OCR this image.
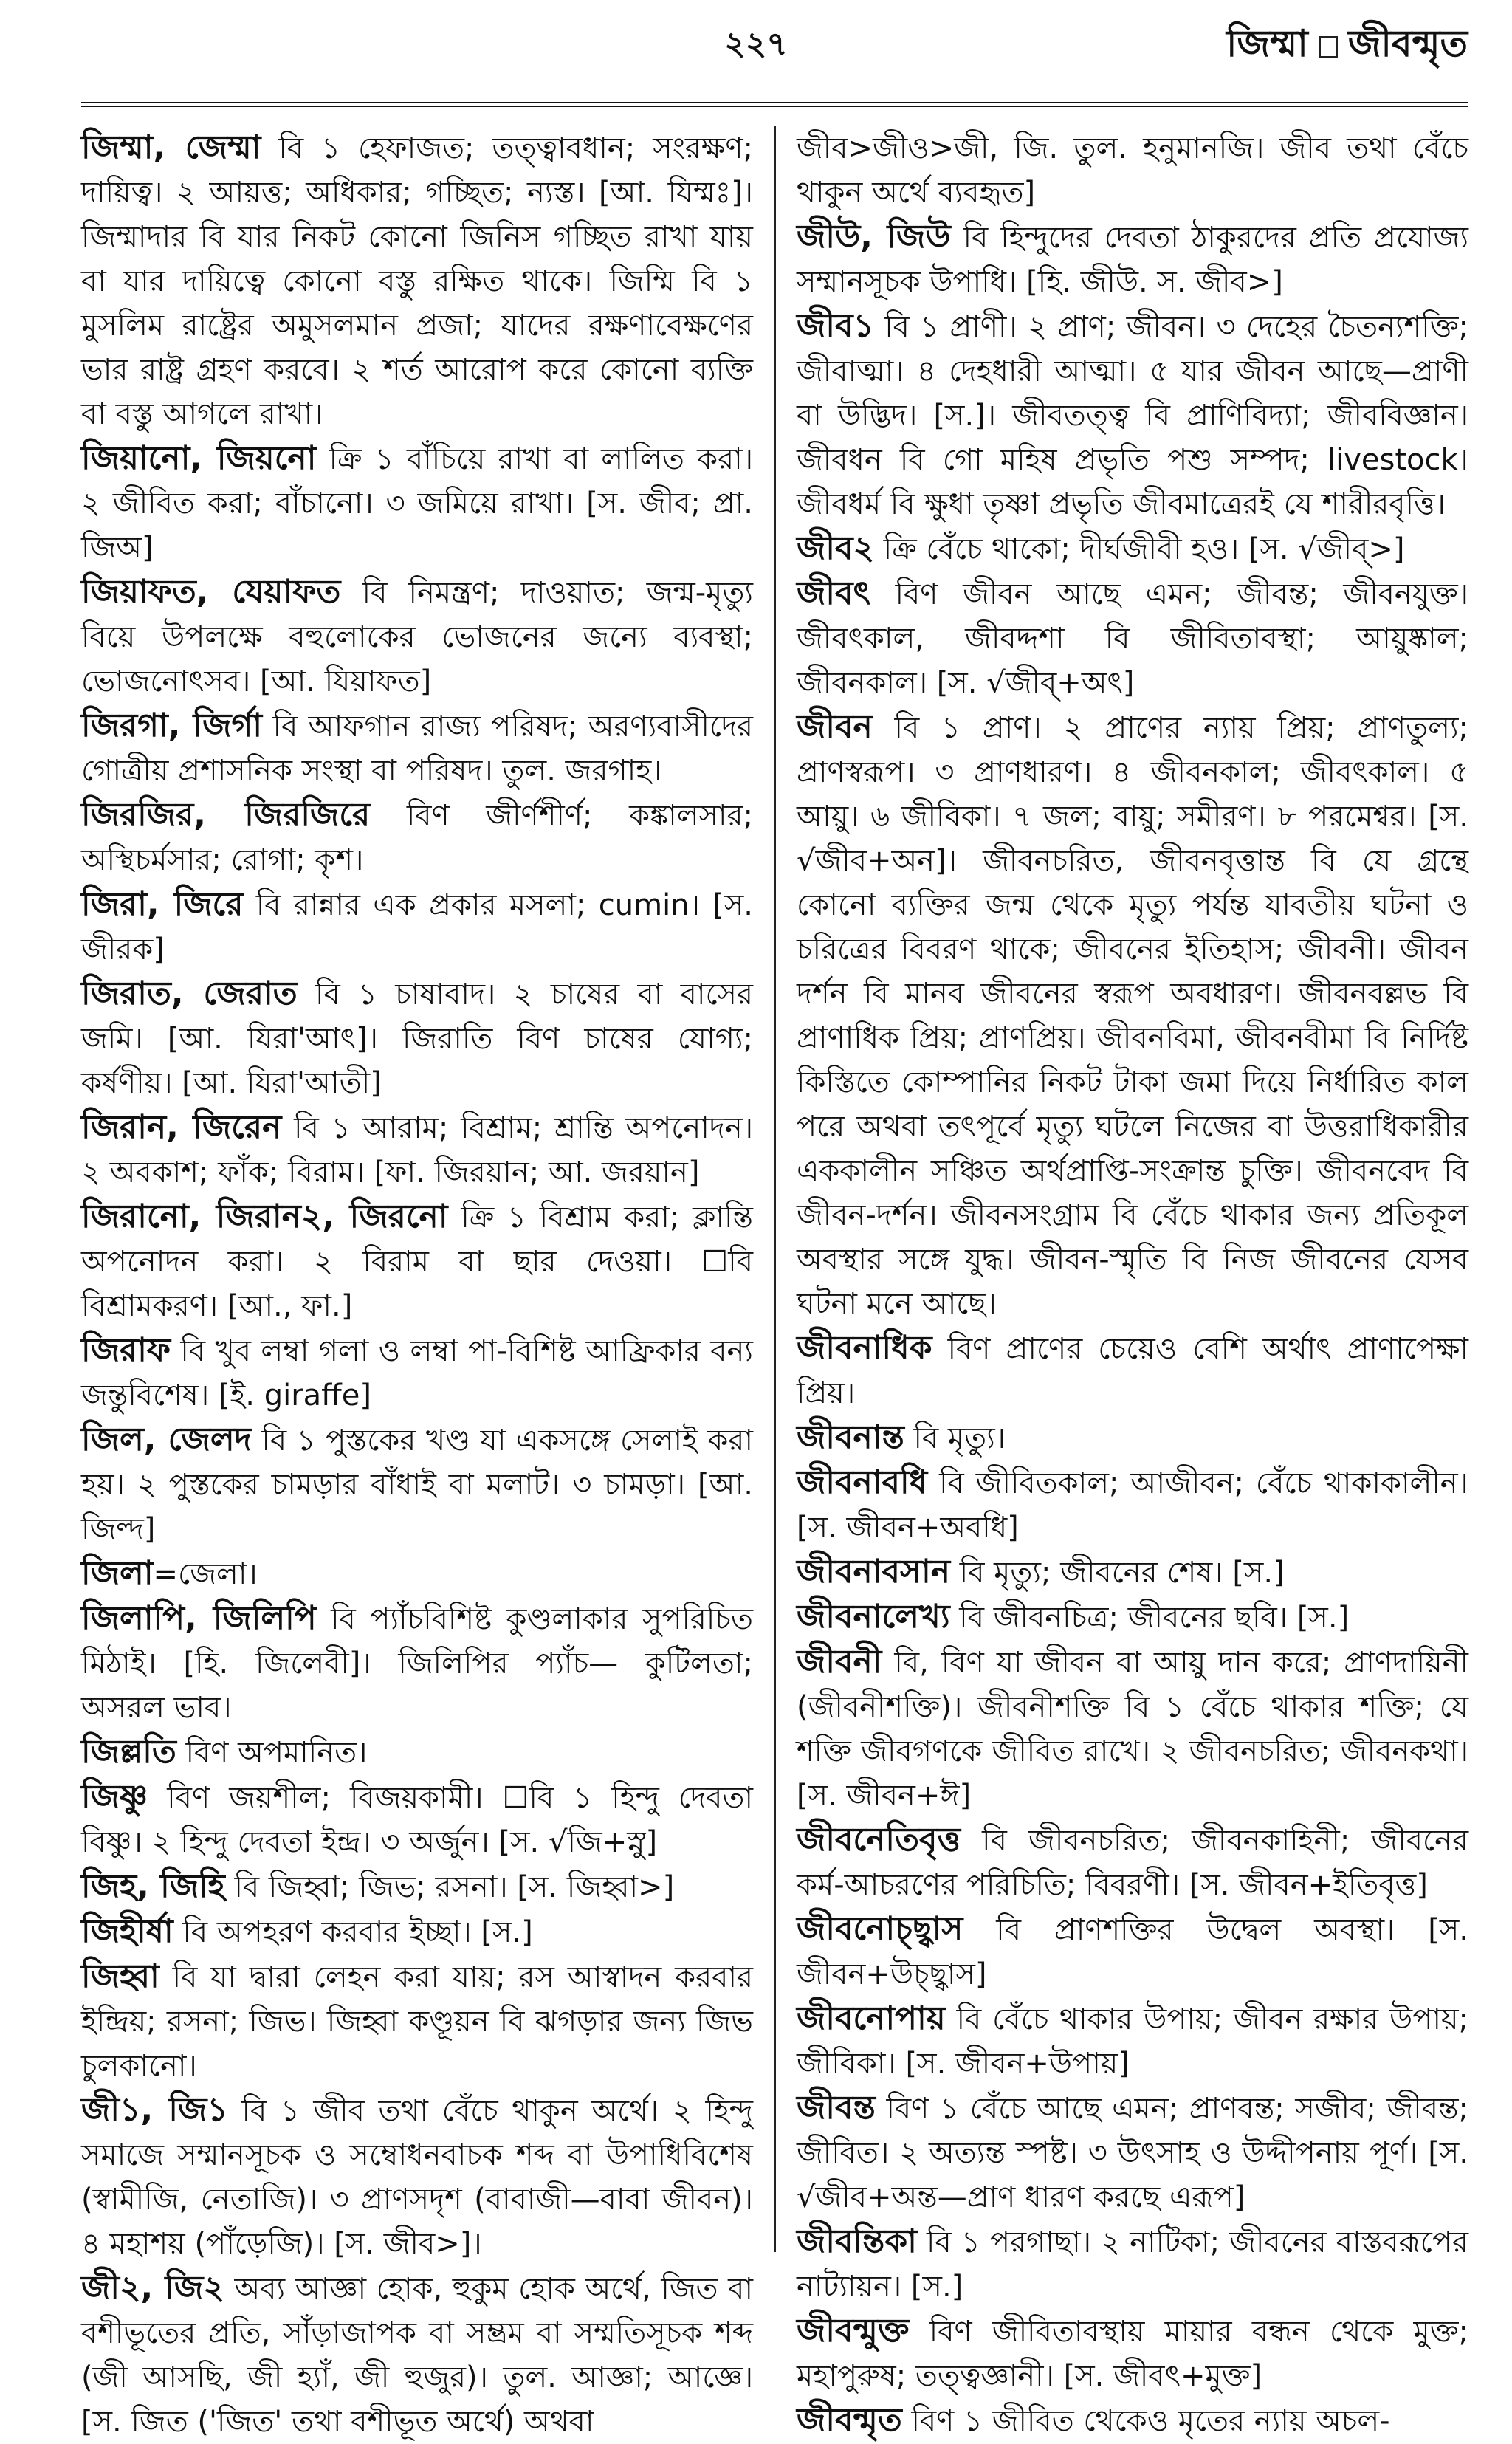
২২৭	জিম্মা জীবন্মৃত

জিম্মা, জেম্মা বি ১ হেফাজত; তত্ত্বাবধান; সংরক্ষণ; দায়িত্ব। ২ আয়ত্ত; অধিকার; গচ্ছিত; ন্যস্ত। [আ. যিম্মঃ]। জিম্মাদার বি যার নিকট কোনো জিনিস গচ্ছিত রাখা যায় বা যার দায়িত্বে কোনো বস্তু রক্ষিত থাকে। জিম্মি বি ১ মুসলিম রাষ্ট্রের অমুসলমান প্রজা; যাদের রক্ষণাবেক্ষণের ভার রাষ্ট্র গ্রহণ করবে। ২ শর্ত আরোপ করে কোনো ব্যক্তি বা বস্তু আগলে রাখা।

জিয়ানো, জিয়নো ক্রি ১ বাঁচিয়ে রাখা বা লালিত করা। ২ জীবিত করা; বাঁচানো। ৩ জমিয়ে রাখা। [স. জীব; প্রা. জিঅ]

জিয়াফত, যেয়াফত বি নিমন্ত্রণ; দাওয়াত; জন্ম-মৃত্যু বিয়ে উপলক্ষে বহুলোকের ভোজনের জন্যে ব্যবস্থা; ভোজনোৎসব। [আ. যিয়াফত]

জিরগা, জির্গা বি আফগান রাজ্য পরিষদ; অরণ্যবাসীদের গোত্রীয় প্রশাসনিক সংস্থা বা পরিষদ। তুল. জরগাহ।

জিরজির, জিরজিরে বিণ জীর্ণশীর্ণ; কঙ্কালসার; অস্থিচর্মসার; রোগা; কৃশ।

জিরা, জিরে বি রান্নার এক প্রকার মসলা; cumin। [স. জীরক]

জিরাত, জেরাত বি ১ চাষাবাদ। ২ চাষের বা বাসের জমি। [আ. যিরা'আৎ]। জিরাতি বিণ চাষের যোগ্য; কর্ষণীয়। [আ. যিরা'আতী]

জিরান, জিরেন বি ১ আরাম; বিশ্রাম; শ্রান্তি অপনোদন। ২ অবকাশ; ফাঁক; বিরাম। [ফা. জিরয়ান; আ. জরয়ান]

জিরানো, জিরান২, জিরনো ক্রি ১ বিশ্রাম করা; ক্লান্তি অপনোদন করা। ২ বিরাম বা ছার দেওয়া। ☐বি বিশ্রামকরণ। [আ., ফা.]

জিরাফ বি খুব লম্বা গলা ও লম্বা পা-বিশিষ্ট আফ্রিকার বন্য জন্তুবিশেষ। [ই. giraffe]

জিল, জেলদ বি ১ পুস্তকের খণ্ড যা একসঙ্গে সেলাই করা হয়। ২ পুস্তকের চামড়ার বাঁধাই বা মলাট। ৩ চামড়া। [আ. জিল্দ]

জিলা=জেলা।

জিলাপি, জিলিপি বি প্যাঁচবিশিষ্ট কুণ্ডলাকার সুপরিচিত মিঠাই। [হি. জিলেবী]। জিলিপির প্যাঁচ— কুটিলতা; অসরল ভাব।

জিল্লতি বিণ অপমানিত।

জিষ্ণু বিণ জয়শীল; বিজয়কামী। ☐বি ১ হিন্দু দেবতা বিষ্ণু। ২ হিন্দু দেবতা ইন্দ্র। ৩ অর্জুন। [স. √জি+স্নু]

জিহ, জিহি বি জিহ্বা; জিভ; রসনা। [স. জিহ্বা>]

জিহীর্ষা বি অপহরণ করবার ইচ্ছা। [স.]

জিহ্বা বি যা দ্বারা লেহন করা যায়; রস আস্বাদন করবার ইন্দ্রিয়; রসনা; জিভ। জিহ্বা কণ্ডূয়ন বি ঝগড়ার জন্য জিভ চুলকানো।

জী১, জি১ বি ১ জীব তথা বেঁচে থাকুন অর্থে। ২ হিন্দু সমাজে সম্মানসূচক ও সম্বোধনবাচক শব্দ বা উপাধিবিশেষ (স্বামীজি, নেতাজি)। ৩ প্রাণসদৃশ (বাবাজী—বাবা জীবন)। ৪ মহাশয় (পাঁড়েজি)। [স. জীব>]।

জী২, জি২ অব্য আজ্ঞা হোক, হুকুম হোক অর্থে, জিত বা বশীভূতের প্রতি, সাঁড়াজাপক বা সম্ভ্রম বা সম্মতিসূচক শব্দ (জী আসছি, জী হ্যাঁ, জী হুজুর)। তুল. আজ্ঞা; আজ্ঞে। [স. জিত ('জিত' তথা বশীভূত অর্থে) অথবা

জীব>জীও>জী, জি. তুল. হনুমানজি। জীব তথা বেঁচে থাকুন অর্থে ব্যবহৃত]

জীউ, জিউ বি হিন্দুদের দেবতা ঠাকুরদের প্রতি প্রযোজ্য সম্মানসূচক উপাধি। [হি. জীউ. স. জীব>]

জীব১ বি ১ প্রাণী। ২ প্রাণ; জীবন। ৩ দেহের চৈতন্যশক্তি; জীবাত্মা। ৪ দেহধারী আত্মা। ৫ যার জীবন আছে—প্রাণী বা উদ্ভিদ। [স.]। জীবতত্ত্ব বি প্রাণিবিদ্যা; জীববিজ্ঞান। জীবধন বি গো মহিষ প্রভৃতি পশু সম্পদ; livestock। জীবধর্ম বি ক্ষুধা তৃষ্ণা প্রভৃতি জীবমাত্রেরই যে শারীরবৃত্তি।

জীব২ ক্রি বেঁচে থাকো; দীর্ঘজীবী হও। [স. √জীব্>]

জীবৎ বিণ জীবন আছে এমন; জীবন্ত; জীবনযুক্ত। জীবৎকাল, জীবদ্দশা বি জীবিতাবস্থা; আয়ুষ্কাল; জীবনকাল। [স. √জীব্+অৎ]

জীবন বি ১ প্রাণ। ২ প্রাণের ন্যায় প্রিয়; প্রাণতুল্য; প্রাণস্বরূপ। ৩ প্রাণধারণ। ৪ জীবনকাল; জীবৎকাল। ৫ আয়ু। ৬ জীবিকা। ৭ জল; বায়ু; সমীরণ। ৮ পরমেশ্বর। [স. √জীব+অন]। জীবনচরিত, জীবনবৃত্তান্ত বি যে গ্রন্থে কোনো ব্যক্তির জন্ম থেকে মৃত্যু পর্যন্ত যাবতীয় ঘটনা ও চরিত্রের বিবরণ থাকে; জীবনের ইতিহাস; জীবনী। জীবন দর্শন বি মানব জীবনের স্বরূপ অবধারণ। জীবনবল্লভ বি প্রাণাধিক প্রিয়; প্রাণপ্রিয়। জীবনবিমা, জীবনবীমা বি নির্দিষ্ট কিস্তিতে কোম্পানির নিকট টাকা জমা দিয়ে নির্ধারিত কাল পরে অথবা তৎপূর্বে মৃত্যু ঘটলে নিজের বা উত্তরাধিকারীর এককালীন সঞ্চিত অর্থপ্রাপ্তি-সংক্রান্ত চুক্তি। জীবনবেদ বি জীবন-দর্শন। জীবনসংগ্রাম বি বেঁচে থাকার জন্য প্রতিকূল অবস্থার সঙ্গে যুদ্ধ। জীবন-স্মৃতি বি নিজ জীবনের যেসব ঘটনা মনে আছে।

জীবনাধিক বিণ প্রাণের চেয়েও বেশি অর্থাৎ প্রাণাপেক্ষা প্রিয়।

জীবনান্ত বি মৃত্যু।

জীবনাবধি বি জীবিতকাল; আজীবন; বেঁচে থাকাকালীন। [স. জীবন+অবধি]

জীবনাবসান বি মৃত্যু; জীবনের শেষ। [স.]

জীবনালেখ্য বি জীবনচিত্র; জীবনের ছবি। [স.]

জীবনী বি, বিণ যা জীবন বা আয়ু দান করে; প্রাণদায়িনী (জীবনীশক্তি)। জীবনীশক্তি বি ১ বেঁচে থাকার শক্তি; যে শক্তি জীবগণকে জীবিত রাখে। ২ জীবনচরিত; জীবনকথা। [স. জীবন+ঈ]

জীবনেতিবৃত্ত বি জীবনচরিত; জীবনকাহিনী; জীবনের কর্ম-আচরণের পরিচিতি; বিবরণী। [স. জীবন+ইতিবৃত্ত]

জীবনোচ্ছ্বাস বি প্রাণশক্তির উদ্বেল অবস্থা। [স. জীবন+উচ্ছ্বাস]

জীবনোপায় বি বেঁচে থাকার উপায়; জীবন রক্ষার উপায়; জীবিকা। [স. জীবন+উপায়]

জীবন্ত বিণ ১ বেঁচে আছে এমন; প্রাণবন্ত; সজীব; জীবন্ত; জীবিত। ২ অত্যন্ত স্পষ্ট। ৩ উৎসাহ ও উদ্দীপনায় পূর্ণ। [স. √জীব+অন্ত—প্রাণ ধারণ করছে এরূপ]

জীবন্তিকা বি ১ পরগাছা। ২ নাটিকা; জীবনের বাস্তবরূপের নাট্যায়ন। [স.]

জীবন্মুক্ত বিণ জীবিতাবস্থায় মায়ার বন্ধন থেকে মুক্ত; মহাপুরুষ; তত্ত্বজ্ঞানী। [স. জীবৎ+মুক্ত]

জীবন্মৃত বিণ ১ জীবিত থেকেও মৃতের ন্যায় অচল-
